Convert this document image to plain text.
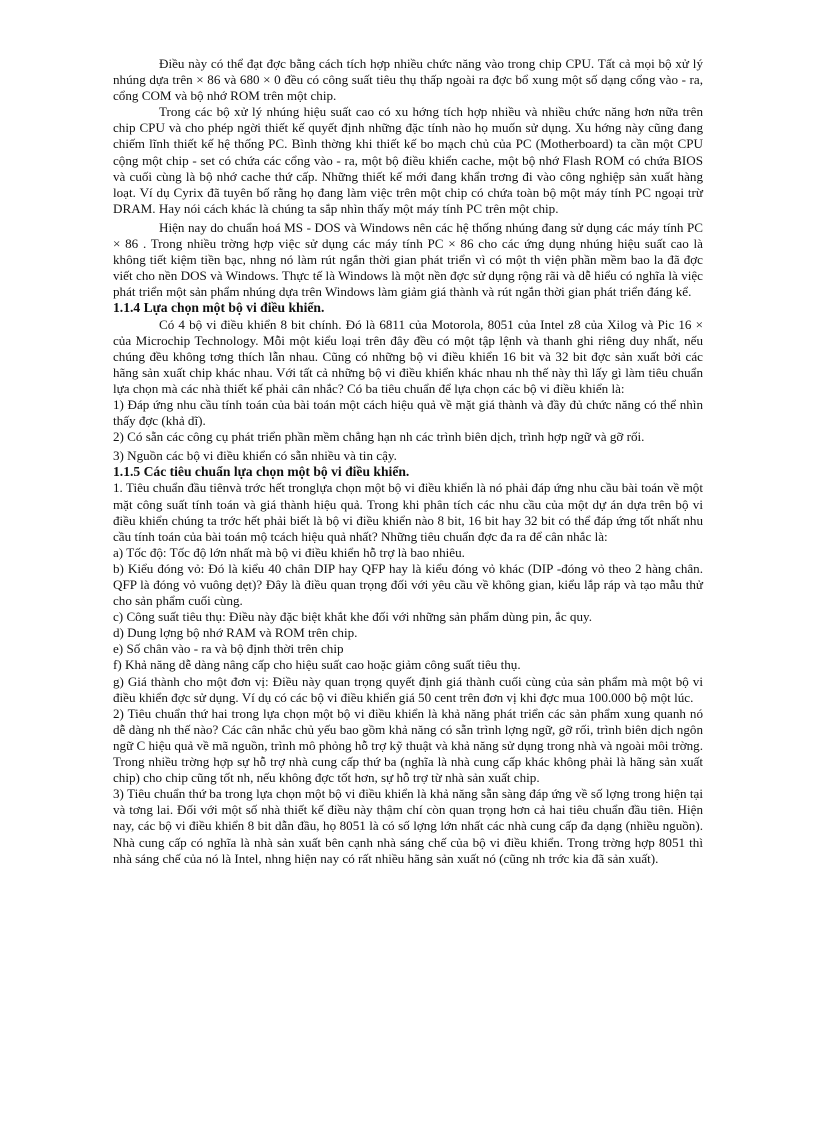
Điều này có thể đạt đợc bằng cách tích hợp nhiều chức năng vào trong chip CPU. Tất cả mọi bộ xử lý nhúng dựa trên × 86 và 680 × 0 đều có công suất tiêu thụ thấp ngoài ra đợc bổ xung một số dạng cổng vào - ra, cổng COM và bộ nhớ ROM trên một chip.

Trong các bộ xử lý nhúng hiệu suất cao có xu hớng tích hợp nhiều và nhiều chức năng hơn nữa trên chip CPU và cho phép ngời thiết kế quyết định những đặc tính nào họ muốn sử dụng. Xu hớng này cũng đang chiếm lĩnh thiết kế hệ thống PC. Bình thờng khi thiết kế bo mạch chủ của PC (Motherboard) ta cần một CPU cộng một chip - set có chứa các cổng vào - ra, một bộ điều khiển cache, một bộ nhớ Flash ROM có chứa BIOS và cuối cùng là bộ nhớ cache thứ cấp. Những thiết kế mới đang khẩn trơng đi vào công nghiệp sản xuất hàng loạt. Ví dụ Cyrix đã tuyên bố rằng họ đang làm việc trên một chip có chứa toàn bộ một máy tính PC ngoại trừ DRAM. Hay nói cách khác là chúng ta sắp nhìn thấy một máy tính PC trên một chip.

Hiện nay do chuẩn hoá MS - DOS và Windows nên các hệ thống nhúng đang sử dụng các máy tính PC × 86 . Trong nhiều trờng hợp việc sử dụng các máy tính PC × 86 cho các ứng dụng nhúng hiệu suất cao là không tiết kiệm tiền bạc, nhng nó làm rút ngắn thời gian phát triển vì có một th viện phần mềm bao la đã đợc viết cho nền DOS và Windows. Thực tế là Windows là một nền đợc sử dụng rộng rãi và dễ hiểu có nghĩa là việc phát triển một sản phẩm nhúng dựa trên Windows làm giảm giá thành và rút ngắn thời gian phát triển đáng kể.

1.1.4 Lựa chọn một bộ vi điều khiển.

Có 4 bộ vi điều khiển 8 bit chính. Đó là 6811 của Motorola, 8051 của Intel z8 của Xilog và Pic 16 × của Microchip Technology. Mỗi một kiểu loại trên đây đều có một tập lệnh và thanh ghi riêng duy nhất, nếu chúng đều không tơng thích lẫn nhau. Cũng có những bộ vi điều khiển 16 bit và 32 bit đợc sản xuất bởi các hãng sản xuất chip khác nhau. Với tất cả những bộ vi điều khiển khác nhau nh thế này thì lấy gì làm tiêu chuẩn lựa chọn mà các nhà thiết kế phải cân nhắc? Có ba tiêu chuẩn để lựa chọn các bộ vi điều khiển là:

1) Đáp ứng nhu cầu tính toán của bài toán một cách hiệu quả về mặt giá thành và đầy đủ chức năng có thể nhìn thấy đợc (khả dĩ).

2) Có sẵn các công cụ phát triển phần mềm chẳng hạn nh các trình biên dịch, trình hợp ngữ và gỡ rối.

3) Nguồn các bộ vi điều khiển có sẵn nhiều và tin cậy.

1.1.5 Các tiêu chuẩn lựa chọn một bộ vi điều khiển.

1. Tiêu chuẩn đầu tiênvà trớc hết tronglựa chọn một bộ vi điều khiển là nó phải đáp ứng nhu cầu bài toán về một mặt công suất tính toán và giá thành hiệu quả. Trong khi phân tích các nhu cầu của một dự án dựa trên bộ vi điều khiển chúng ta trớc hết phải biết là bộ vi điều khiển nào 8 bit, 16 bit hay 32 bit có thể đáp ứng tốt nhất nhu cầu tính toán của bài toán mộ tcách hiệu quả nhất? Những tiêu chuẩn đợc đa ra để cân nhắc là:

a) Tốc độ: Tốc độ lớn nhất mà bộ vi điều khiển hỗ trợ là bao nhiêu.

b) Kiểu đóng vỏ: Đó là kiểu 40 chân DIP hay QFP hay là kiểu đóng vỏ khác (DIP -đóng vỏ theo 2 hàng chân. QFP là đóng vỏ vuông dẹt)? Đây là điều quan trọng đối với yêu cầu về không gian, kiểu lắp ráp và tạo mẫu thử cho sản phẩm cuối cùng.

c) Công suất tiêu thụ: Điều này đặc biệt khắt khe đối với những sản phẩm dùng pin, ắc quy.

d) Dung lợng bộ nhớ RAM và ROM trên chip.

e) Số chân vào - ra và bộ định thời trên chip

f) Khả năng dễ dàng nâng cấp cho hiệu suất cao hoặc giảm công suất tiêu thụ.

g) Giá thành cho một đơn vị: Điều này quan trọng quyết định giá thành cuối cùng của sản phẩm mà một bộ vi điều khiển đợc sử dụng. Ví dụ có các bộ vi điều khiển giá 50 cent trên đơn vị khi đợc mua 100.000 bộ một lúc.

2) Tiêu chuẩn thứ hai trong lựa chọn một bộ vi điều khiển là khả năng phát triển các sản phẩm xung quanh nó dễ dàng nh thế nào? Các cân nhắc chủ yếu bao gồm khả năng có sẵn trình lợng ngữ, gỡ rối, trình biên dịch ngôn ngữ C hiệu quả về mã nguồn, trình mô phỏng hỗ trợ kỹ thuật và khả năng sử dụng trong nhà và ngoài môi trờng. Trong nhiều trờng hợp sự hỗ trợ nhà cung cấp thứ ba (nghĩa là nhà cung cấp khác không phải là hãng sản xuất chip) cho chip cũng tốt nh, nếu không đợc tốt hơn, sự hỗ trợ từ nhà sản xuất chip.

3) Tiêu chuẩn thứ ba trong lựa chọn một bộ vi điều khiển là khả năng sẵn sàng đáp ứng về số lợng trong hiện tại và tơng lai. Đối với một số nhà thiết kế điều này thậm chí còn quan trọng hơn cả hai tiêu chuẩn đầu tiên. Hiện nay, các bộ vi điều khiển 8 bit dẫn đầu, họ 8051 là có số lợng lớn nhất các nhà cung cấp đa dạng (nhiều nguồn). Nhà cung cấp có nghĩa là nhà sản xuất bên cạnh nhà sáng chế của bộ vi điều khiển. Trong trờng hợp 8051 thì nhà sáng chế của nó là Intel, nhng hiện nay có rất nhiều hãng sản xuất nó (cũng nh trớc kia đã sản xuất).
